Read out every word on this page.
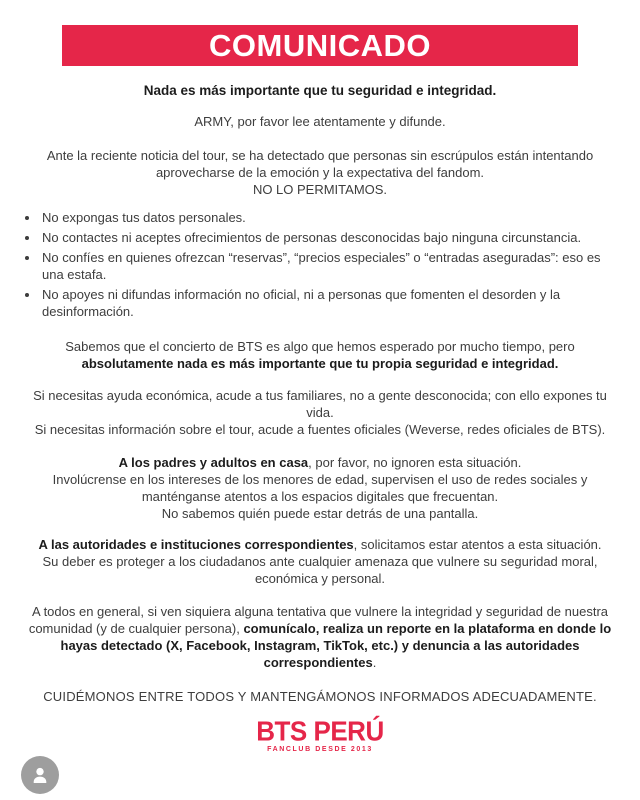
COMUNICADO

Nada es más importante que tu seguridad e integridad.

ARMY, por favor lee atentamente y difunde.

Ante la reciente noticia del tour, se ha detectado que personas sin escrúpulos están intentando aprovecharse de la emoción y la expectativa del fandom.
NO LO PERMITAMOS.

• No expongas tus datos personales.
• No contactes ni aceptes ofrecimientos de personas desconocidas bajo ninguna circunstancia.
• No confíes en quienes ofrezcan “reservas”, “precios especiales” o “entradas aseguradas”: eso es una estafa.
• No apoyes ni difundas información no oficial, ni a personas que fomenten el desorden y la desinformación.

Sabemos que el concierto de BTS es algo que hemos esperado por mucho tiempo, pero absolutamente nada es más importante que tu propia seguridad e integridad.

Si necesitas ayuda económica, acude a tus familiares, no a gente desconocida; con ello expones tu vida.

Si necesitas información sobre el tour, acude a fuentes oficiales (Weverse, redes oficiales de BTS).

A los padres y adultos en casa, por favor, no ignoren esta situación.

Involúcrense en los intereses de los menores de edad, supervisen el uso de redes sociales y manténganse atentos a los espacios digitales que frecuentan.

No sabemos quién puede estar detrás de una pantalla.

A las autoridades e instituciones correspondientes, solicitamos estar atentos a esta situación.

Su deber es proteger a los ciudadanos ante cualquier amenaza que vulnere su seguridad moral, económica y personal.

A todos en general, si ven siquiera alguna tentativa que vulnere la integridad y seguridad de nuestra comunidad (y de cualquier persona), comunícalo, realiza un reporte en la plataforma en donde lo hayas detectado (X, Facebook, Instagram, TikTok, etc.) y denuncia a las autoridades correspondientes.

CUIDÉMONOS ENTRE TODOS Y MANTENGÁMONOS INFORMADOS ADECUADAMENTE.

BTS PERÚ
FANCLUB DESDE 2013
